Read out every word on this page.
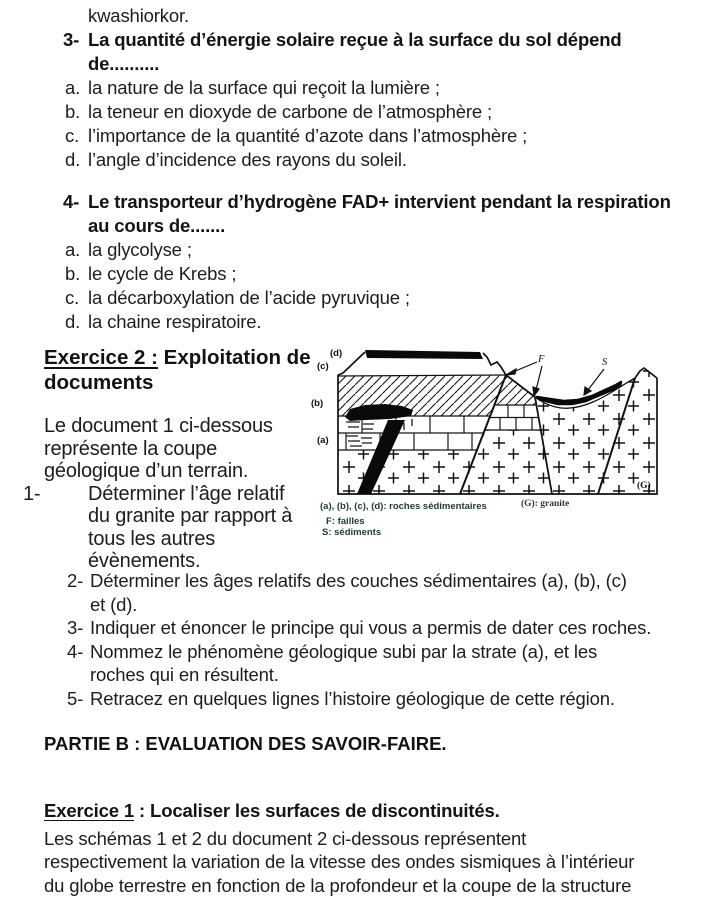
kwashiorkor.
3- La quantité d’énergie solaire reçue à la surface du sol dépend
de..........
a. la nature de la surface qui reçoit la lumière ;
b. la teneur en dioxyde de carbone de l’atmosphère ;
c. l’importance de la quantité d’azote dans l’atmosphère ;
d. l’angle d’incidence des rayons du soleil.
4- Le transporteur d’hydrogène FAD+ intervient pendant la respiration
au cours de.......
a. la glycolyse ;
b. le cycle de Krebs ;
c. la décarboxylation de l’acide pyruvique ;
d. la chaine respiratoire.
Exercice 2 : Exploitation de
documents
Le document 1 ci-dessous
représente la coupe
géologique d’un terrain.
1- Déterminer l’âge relatif
du granite par rapport à
tous les autres
évènements.
(d)
(c)
(b)
(a)
F	S
(G)
(a), (b), (c), (d): roches sédimentaires	(G): granite
F: failles
S: sédiments
2- Déterminer les âges relatifs des couches sédimentaires (a), (b), (c)
et (d).
3- Indiquer et énoncer le principe qui vous a permis de dater ces roches.
4- Nommez le phénomène géologique subi par la strate (a), et les
roches qui en résultent.
5- Retracez en quelques lignes l’histoire géologique de cette région.
PARTIE B : EVALUATION DES SAVOIR-FAIRE.
Exercice 1 : Localiser les surfaces de discontinuités.
Les schémas 1 et 2 du document 2 ci-dessous représentent
respectivement la variation de la vitesse des ondes sismiques à l’intérieur
du globe terrestre en fonction de la profondeur et la coupe de la structure
